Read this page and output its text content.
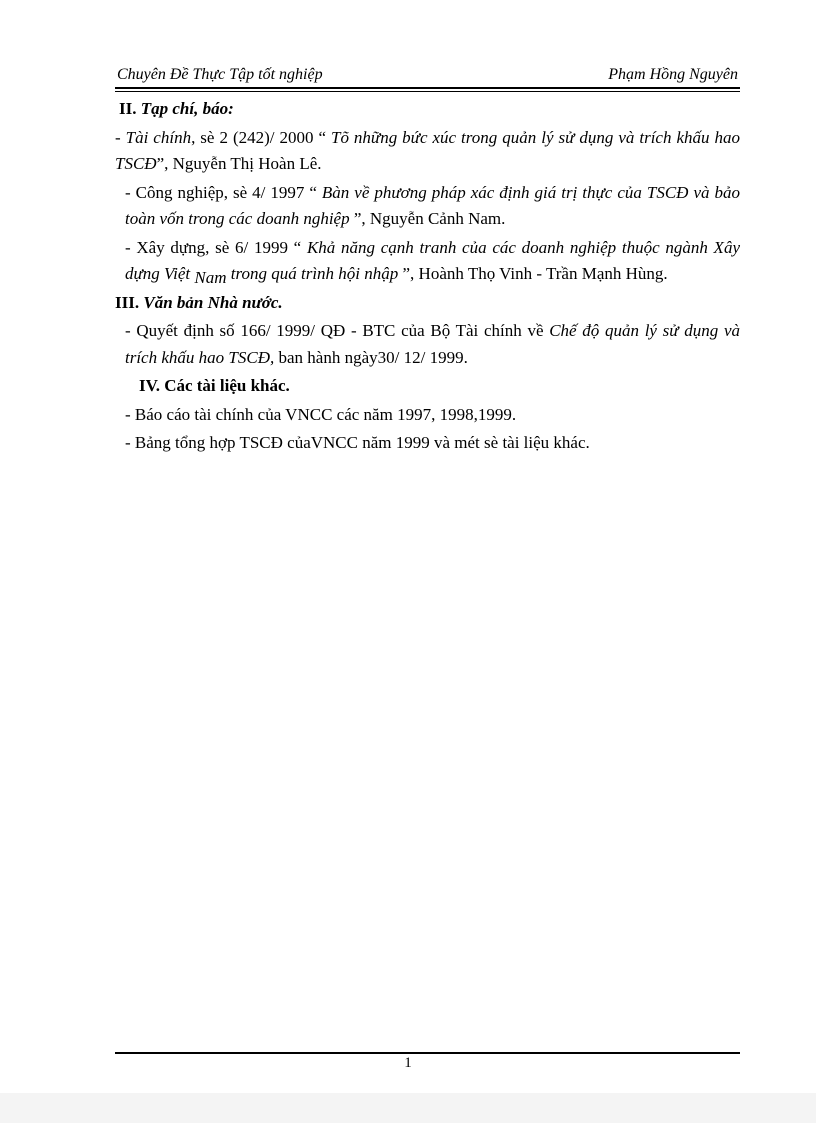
Chuyên Đề Thực Tập tốt nghiệp	Phạm Hồng Nguyên

II. Tạp chí, báo:

- Tài chính, sè 2 (242)/ 2000 “ Tõ những bức xúc trong quản lý sử dụng và trích khấu hao TSCĐ”, Nguyễn Thị Hoàn Lê.

- Công nghiệp, sè 4/ 1997 “ Bàn về phương pháp xác định giá trị thực của TSCĐ và bảo toàn vốn trong các doanh nghiệp ”, Nguyễn Cảnh Nam.

- Xây dựng, sè 6/ 1999 “ Khả năng cạnh tranh của các doanh nghiệp thuộc ngành Xây dựng Việt Nam trong quá trình hội nhập ”, Hoành Thọ Vinh - Trần Mạnh Hùng.

III. Văn bản Nhà nước.

- Quyết định số 166/ 1999/ QĐ - BTC của Bộ Tài chính về Chế độ quản lý sử dụng và trích khấu hao TSCĐ, ban hành ngày30/ 12/ 1999.

IV. Các tài liệu khác.

- Báo cáo tài chính của VNCC các năm 1997, 1998,1999.

- Bảng tổng hợp TSCĐ củaVNCC năm 1999 và mét sè tài liệu khác.

1
